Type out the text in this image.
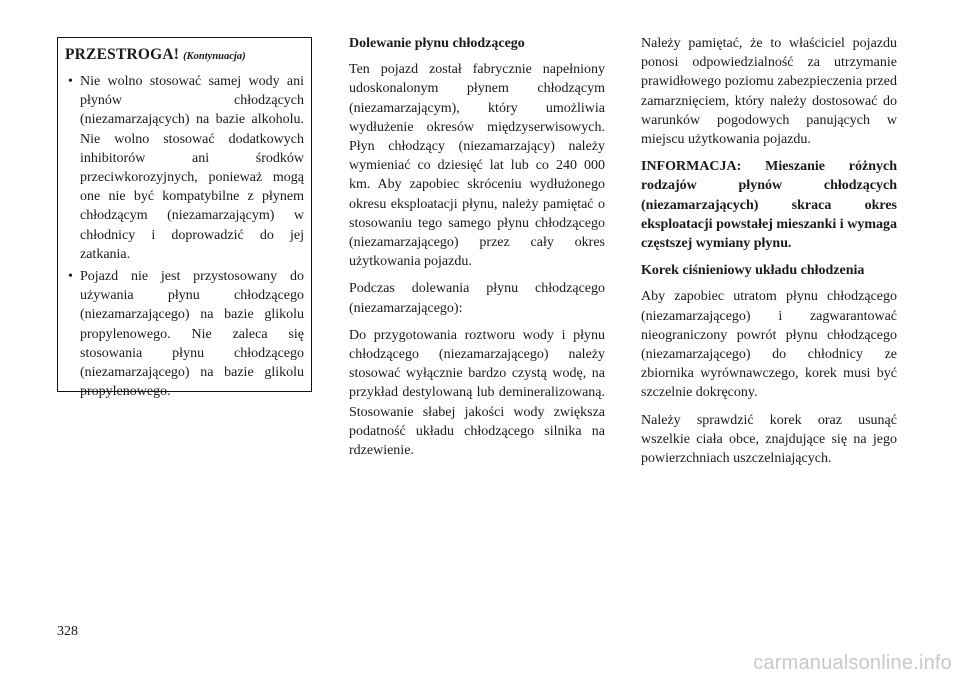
PRZESTROGA! (Kontynuacja)
• Nie wolno stosować samej wody ani płynów chłodzących (niezamarzających) na bazie alkoholu. Nie wolno stosować dodatkowych inhibitorów ani środków przeciwkorozyjnych, ponieważ mogą one nie być kompatybilne z płynem chłodzącym (niezamarzającym) w chłodnicy i doprowadzić do jej zatkania.
• Pojazd nie jest przystosowany do używania płynu chłodzącego (niezamarzającego) na bazie glikolu propylenowego. Nie zaleca się stosowania płynu chłodzącego (niezamarzającego) na bazie glikolu propylenowego.

Dolewanie płynu chłodzącego

Ten pojazd został fabrycznie napełniony udoskonalonym płynem chłodzącym (niezamarzającym), który umożliwia wydłużenie okresów międzyserwisowych. Płyn chłodzący (niezamarzający) należy wymieniać co dziesięć lat lub co 240 000 km. Aby zapobiec skróceniu wydłużonego okresu eksploatacji płynu, należy pamiętać o stosowaniu tego samego płynu chłodzącego (niezamarzającego) przez cały okres użytkowania pojazdu.

Podczas dolewania płynu chłodzącego (niezamarzającego):

Do przygotowania roztworu wody i płynu chłodzącego (niezamarzającego) należy stosować wyłącznie bardzo czystą wodę, na przykład destylowaną lub demineralizowaną. Stosowanie słabej jakości wody zwiększa podatność układu chłodzącego silnika na rdzewienie.

Należy pamiętać, że to właściciel pojazdu ponosi odpowiedzialność za utrzymanie prawidłowego poziomu zabezpieczenia przed zamarznięciem, który należy dostosować do warunków pogodowych panujących w miejscu użytkowania pojazdu.

INFORMACJA: Mieszanie różnych rodzajów płynów chłodzących (niezamarzających) skraca okres eksploatacji powstałej mieszanki i wymaga częstszej wymiany płynu.

Korek ciśnieniowy układu chłodzenia

Aby zapobiec utratom płynu chłodzącego (niezamarzającego) i zagwarantować nieograniczony powrót płynu chłodzącego (niezamarzającego) do chłodnicy ze zbiornika wyrównawczego, korek musi być szczelnie dokręcony.

Należy sprawdzić korek oraz usunąć wszelkie ciała obce, znajdujące się na jego powierzchniach uszczelniających.

328
carmanualsonline.info
